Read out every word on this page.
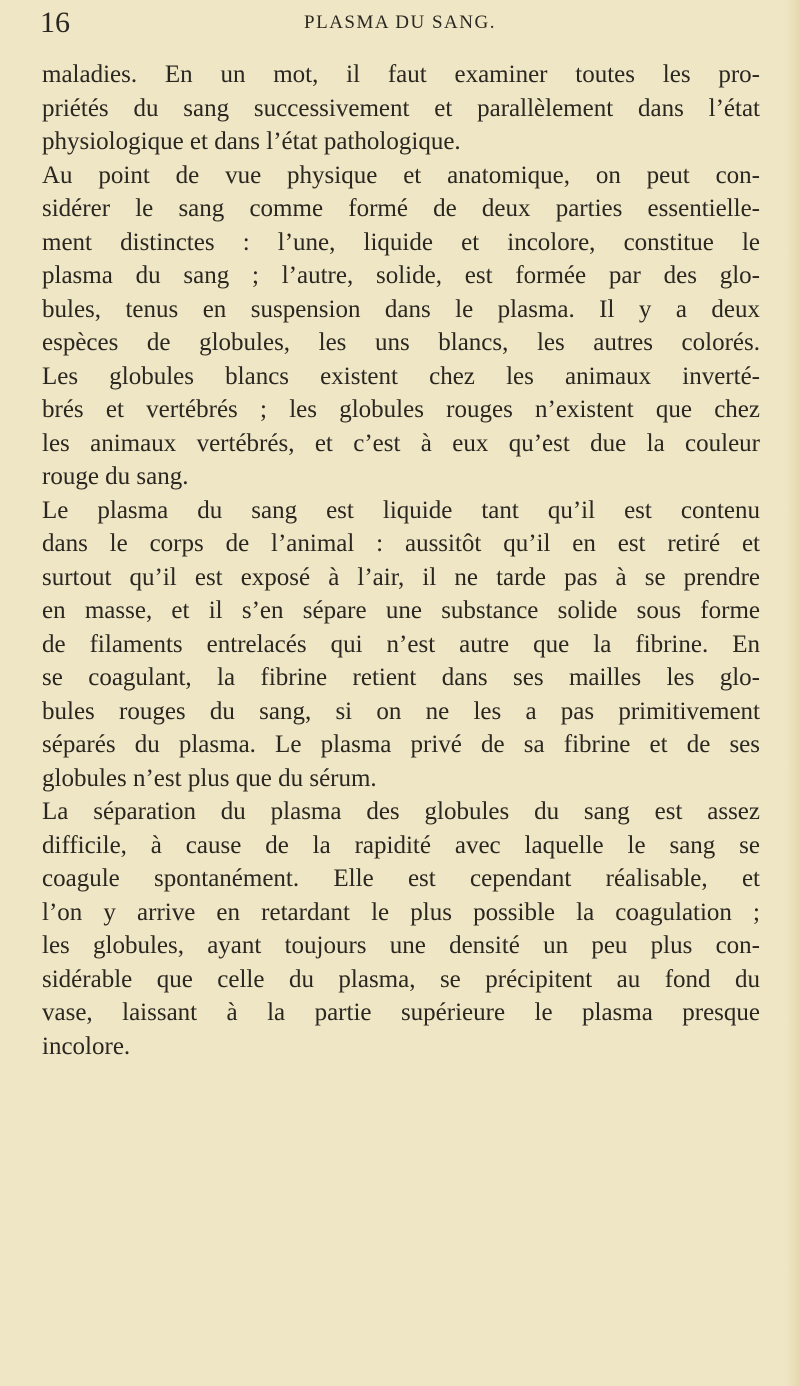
16	PLASMA DU SANG.
maladies. En un mot, il faut examiner toutes les pro-
priétés du sang successivement et parallèlement dans l’état
physiologique et dans l’état pathologique.
Au point de vue physique et anatomique, on peut con-
sidérer le sang comme formé de deux parties essentielle-
ment distinctes : l’une, liquide et incolore, constitue le
plasma du sang ; l’autre, solide, est formée par des glo-
bules, tenus en suspension dans le plasma. Il y a deux
espèces de globules, les uns blancs, les autres colorés.
Les globules blancs existent chez les animaux inverté-
brés et vertébrés ; les globules rouges n’existent que chez
les animaux vertébrés, et c’est à eux qu’est due la couleur
rouge du sang.
Le plasma du sang est liquide tant qu’il est contenu
dans le corps de l’animal : aussitôt qu’il en est retiré et
surtout qu’il est exposé à l’air, il ne tarde pas à se prendre
en masse, et il s’en sépare une substance solide sous forme
de filaments entrelacés qui n’est autre que la fibrine. En
se coagulant, la fibrine retient dans ses mailles les glo-
bules rouges du sang, si on ne les a pas primitivement
séparés du plasma. Le plasma privé de sa fibrine et de ses
globules n’est plus que du sérum.
La séparation du plasma des globules du sang est assez
difficile, à cause de la rapidité avec laquelle le sang se
coagule spontanément. Elle est cependant réalisable, et
l’on y arrive en retardant le plus possible la coagulation ;
les globules, ayant toujours une densité un peu plus con-
sidérable que celle du plasma, se précipitent au fond du
vase, laissant à la partie supérieure le plasma presque
incolore.
